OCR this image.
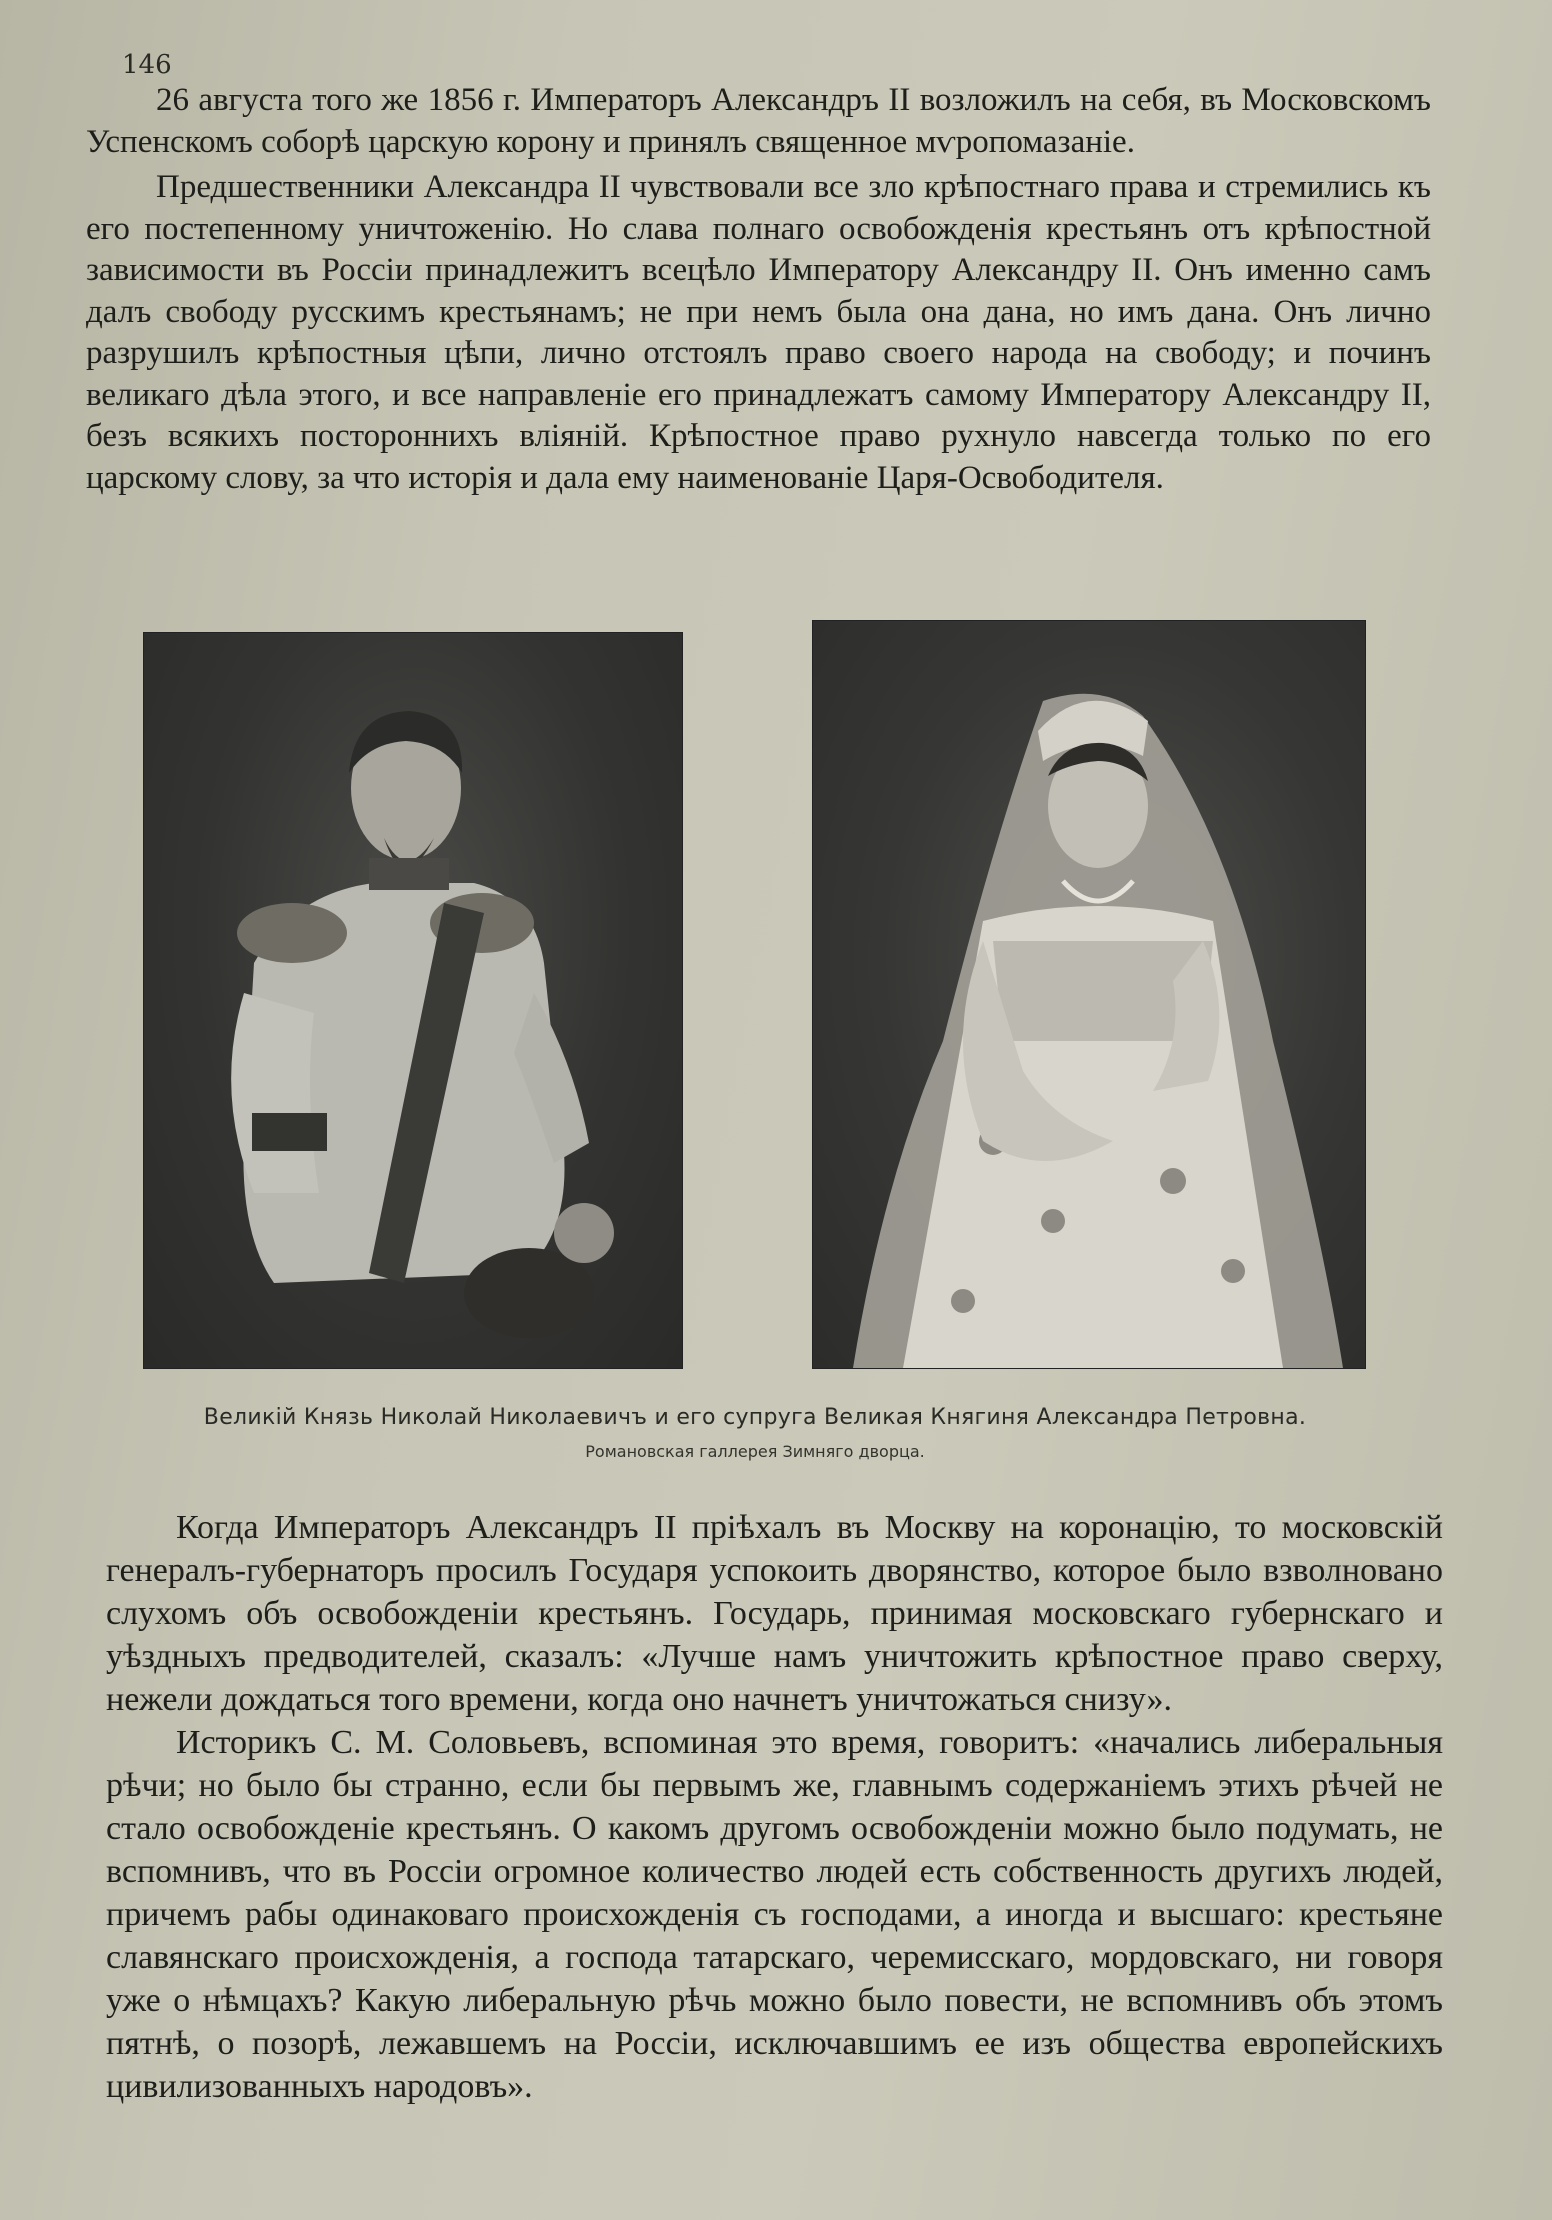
146

26 августа того же 1856 г. Императоръ Александръ II возложилъ на себя, въ Московскомъ Успенскомъ соборѣ царскую корону и принялъ священное мѵропомазаніе.

Предшественники Александра II чувствовали все зло крѣпостнаго права и стремились къ его постепенному уничтоженію. Но слава полнаго освобожденія крестьянъ отъ крѣпостной зависимости въ Россіи принадлежитъ всецѣло Императору Александру II. Онъ именно самъ далъ свободу русскимъ крестьянамъ; не при немъ была она дана, но имъ дана. Онъ лично разрушилъ крѣпостныя цѣпи, лично отстоялъ право своего народа на свободу; и починъ великаго дѣла этого, и все направленіе его принадлежатъ самому Императору Александру II, безъ всякихъ постороннихъ вліяній. Крѣпостное право рухнуло навсегда только по его царскому слову, за что исторія и дала ему наименованіе Царя-Освободителя.

Великій Князь Николай Николаевичъ и его супруга Великая Княгиня Александра Петровна.
Романовская галлерея Зимняго дворца.

Когда Императоръ Александръ II пріѣхалъ въ Москву на коронацію, то московскій генералъ-губернаторъ просилъ Государя успокоить дворянство, которое было взволновано слухомъ объ освобожденіи крестьянъ. Государь, принимая московскаго губернскаго и уѣздныхъ предводителей, сказалъ: «Лучше намъ уничтожить крѣпостное право сверху, нежели дождаться того времени, когда оно начнетъ уничтожаться снизу».

Историкъ С. М. Соловьевъ, вспоминая это время, говоритъ: «начались либеральныя рѣчи; но было бы странно, если бы первымъ же, главнымъ содержаніемъ этихъ рѣчей не стало освобожденіе крестьянъ. О какомъ другомъ освобожденіи можно было подумать, не вспомнивъ, что въ Россіи огромное количество людей есть собственность другихъ людей, причемъ рабы одинаковаго происхожденія съ господами, а иногда и высшаго: крестьяне славянскаго происхожденія, а господа татарскаго, черемисскаго, мордовскаго, ни говоря уже о нѣмцахъ? Какую либеральную рѣчь можно было повести, не вспомнивъ объ этомъ пятнѣ, о позорѣ, лежавшемъ на Россіи, исключавшимъ ее изъ общества европейскихъ цивилизованныхъ народовъ».
